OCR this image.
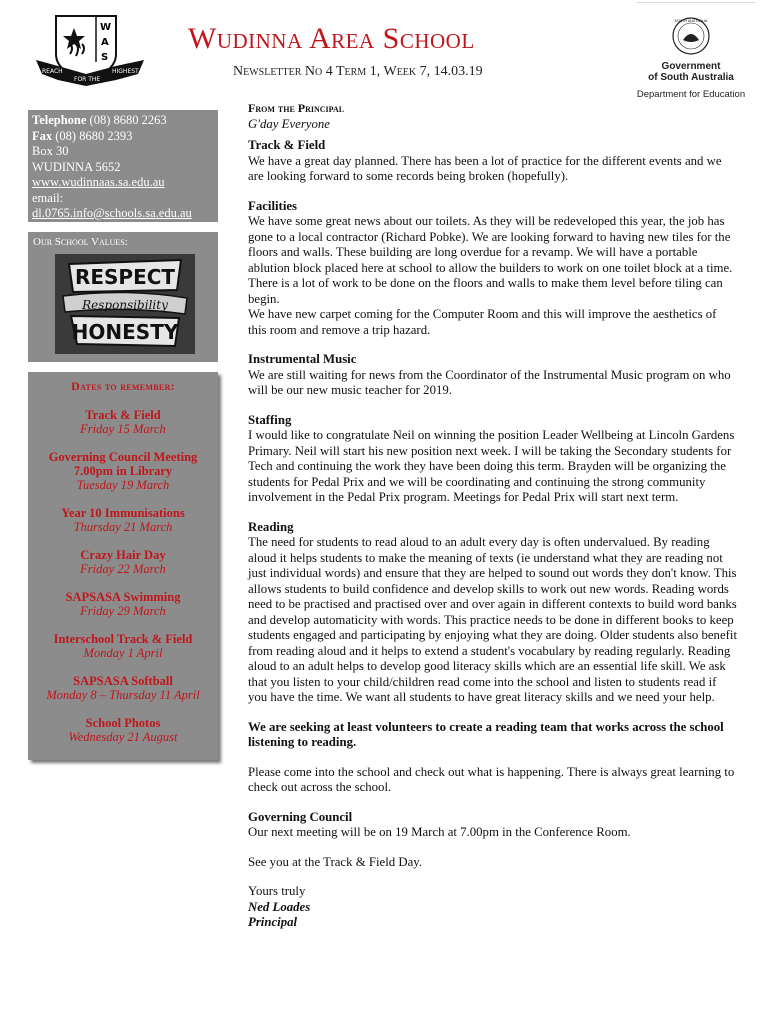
W
A
S
REACH
FOR THE
HIGHEST
Wudinna Area School
Newsletter No 4 Term 1, Week 7, 14.03.19
SOUTH AUSTRALIA
Government
of South Australia
Department for Education
Telephone (08) 8680 2263
Fax (08) 8680 2393
Box 30
WUDINNA 5652
www.wudinnaas.sa.edu.au
email:
dl.0765.info@schools.sa.edu.au
Our School Values:
RESPECT
Responsibility
HONESTY
Dates to remember:
Track & Field
Friday 15 March
Governing Council Meeting 7.00pm in Library
Tuesday 19 March
Year 10 Immunisations
Thursday 21 March
Crazy Hair Day
Friday 22 March
SAPSASA Swimming
Friday 29 March
Interschool Track & Field
Monday 1 April
SAPSASA Softball
Monday 8 – Thursday 11 April
School Photos
Wednesday 21 August
From the Principal
G'day Everyone
Track & Field

We have a great day planned. There has been a lot of practice for the different events and we are looking forward to some records being broken (hopefully).

Facilities

We have some great news about our toilets. As they will be redeveloped this year, the job has gone to a local contractor (Richard Pobke). We are looking forward to having new tiles for the floors and walls. These building are long overdue for a revamp. We will have a portable ablution block placed here at school to allow the builders to work on one toilet block at a time. There is a lot of work to be done on the floors and walls to make them level before tiling can begin.

We have new carpet coming for the Computer Room and this will improve the aesthetics of this room and remove a trip hazard.

Instrumental Music

We are still waiting for news from the Coordinator of the Instrumental Music program on who will be our new music teacher for 2019.

Staffing

I would like to congratulate Neil on winning the position Leader Wellbeing at Lincoln Gardens Primary. Neil will start his new position next week. I will be taking the Secondary students for Tech and continuing the work they have been doing this term. Brayden will be organizing the students for Pedal Prix and we will be coordinating and continuing the strong community involvement in the Pedal Prix program. Meetings for Pedal Prix will start next term.

Reading

The need for students to read aloud to an adult every day is often undervalued. By reading aloud it helps students to make the meaning of texts (ie understand what they are reading not just individual words) and ensure that they are helped to sound out words they don't know. This allows students to build confidence and develop skills to work out new words. Reading words need to be practised and practised over and over again in different contexts to build word banks and develop automaticity with words. This practice needs to be done in different books to keep students engaged and participating by enjoying what they are doing. Older students also benefit from reading aloud and it helps to extend a student's vocabulary by reading regularly. Reading aloud to an adult helps to develop good literacy skills which are an essential life skill. We ask that you listen to your child/children read come into the school and listen to students read if you have the time. We want all students to have great literacy skills and we need your help.

We are seeking at least volunteers to create a reading team that works across the school listening to reading.

Please come into the school and check out what is happening. There is always great learning to check out across the school.

Governing Council

Our next meeting will be on 19 March at 7.00pm in the Conference Room.

See you at the Track & Field Day.

Yours truly

Ned Loades

Principal
